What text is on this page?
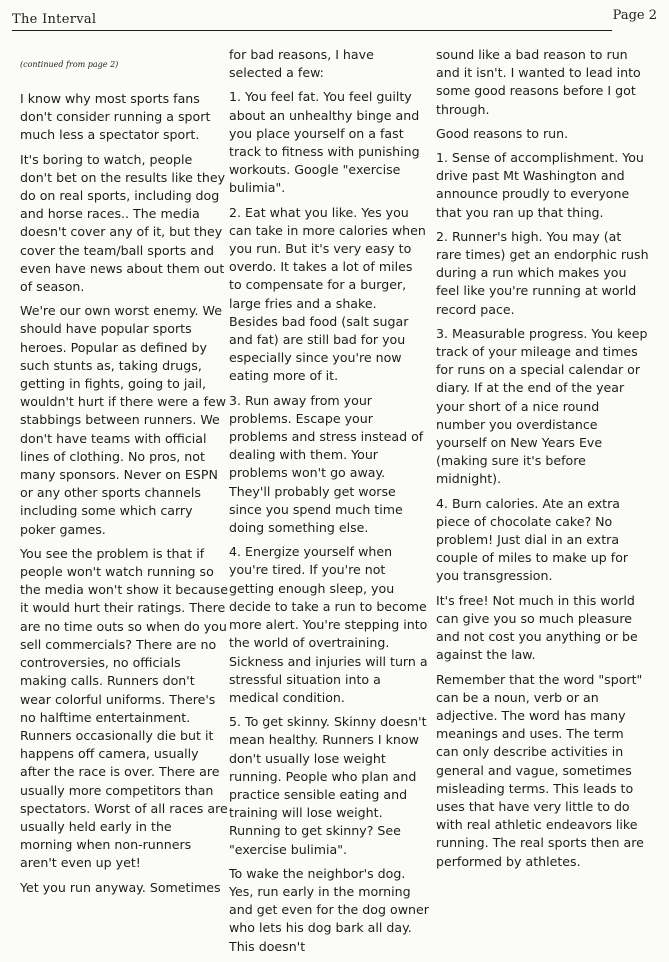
The Interval	Page 2

(continued from page 2)

I know why most sports fans don't consider running a sport much less a spectator sport.

It's boring to watch, people don't bet on the results like they do on real sports, including dog and horse races.. The media doesn't cover any of it, but they cover the team/ball sports and even have news about them out of season.

We're our own worst enemy. We should have popular sports heroes. Popular as defined by such stunts as, taking drugs, getting in fights, going to jail, wouldn't hurt if there were a few stabbings between runners. We don't have teams with official lines of clothing. No pros, not many sponsors. Never on ESPN or any other sports channels including some which carry poker games.

You see the problem is that if people won't watch running so the media won't show it because it would hurt their ratings. There are no time outs so when do you sell commercials? There are no controversies, no officials making calls. Runners don't wear colorful uniforms. There's no halftime entertainment. Runners occasionally die but it happens off camera, usually after the race is over. There are usually more competitors than spectators. Worst of all races are usually held early in the morning when non-runners aren't even up yet!

Yet you run anyway. Sometimes

for bad reasons, I have selected a few:

1. You feel fat. You feel guilty about an unhealthy binge and you place yourself on a fast track to fitness with punishing workouts. Google "exercise bulimia".

2. Eat what you like. Yes you can take in more calories when you run. But it's very easy to overdo. It takes a lot of miles to compensate for a burger, large fries and a shake. Besides bad food (salt sugar and fat) are still bad for you especially since you're now eating more of it.

3. Run away from your problems. Escape your problems and stress instead of dealing with them. Your problems won't go away. They'll probably get worse since you spend much time doing something else.

4. Energize yourself when you're tired. If you're not getting enough sleep, you decide to take a run to become more alert. You're stepping into the world of overtraining. Sickness and injuries will turn a stressful situation into a medical condition.

5. To get skinny. Skinny doesn't mean healthy. Runners I know don't usually lose weight running. People who plan and practice sensible eating and training will lose weight. Running to get skinny? See "exercise bulimia".

To wake the neighbor's dog. Yes, run early in the morning and get even for the dog owner who lets his dog bark all day. This doesn't

sound like a bad reason to run and it isn't. I wanted to lead into some good reasons before I got through.

Good reasons to run.

1. Sense of accomplishment. You drive past Mt Washington and announce proudly to everyone that you ran up that thing.

2. Runner's high. You may (at rare times) get an endorphic rush during a run which makes you feel like you're running at world record pace.

3. Measurable progress. You keep track of your mileage and times for runs on a special calendar or diary. If at the end of the year your short of a nice round number you overdistance yourself on New Years Eve (making sure it's before midnight).

4. Burn calories. Ate an extra piece of chocolate cake? No problem! Just dial in an extra couple of miles to make up for you transgression.

It's free! Not much in this world can give you so much pleasure and not cost you anything or be against the law.

Remember that the word "sport" can be a noun, verb or an adjective. The word has many meanings and uses. The term can only describe activities in general and vague, sometimes misleading terms. This leads to uses that have very little to do with real athletic endeavors like running. The real sports then are performed by athletes.
